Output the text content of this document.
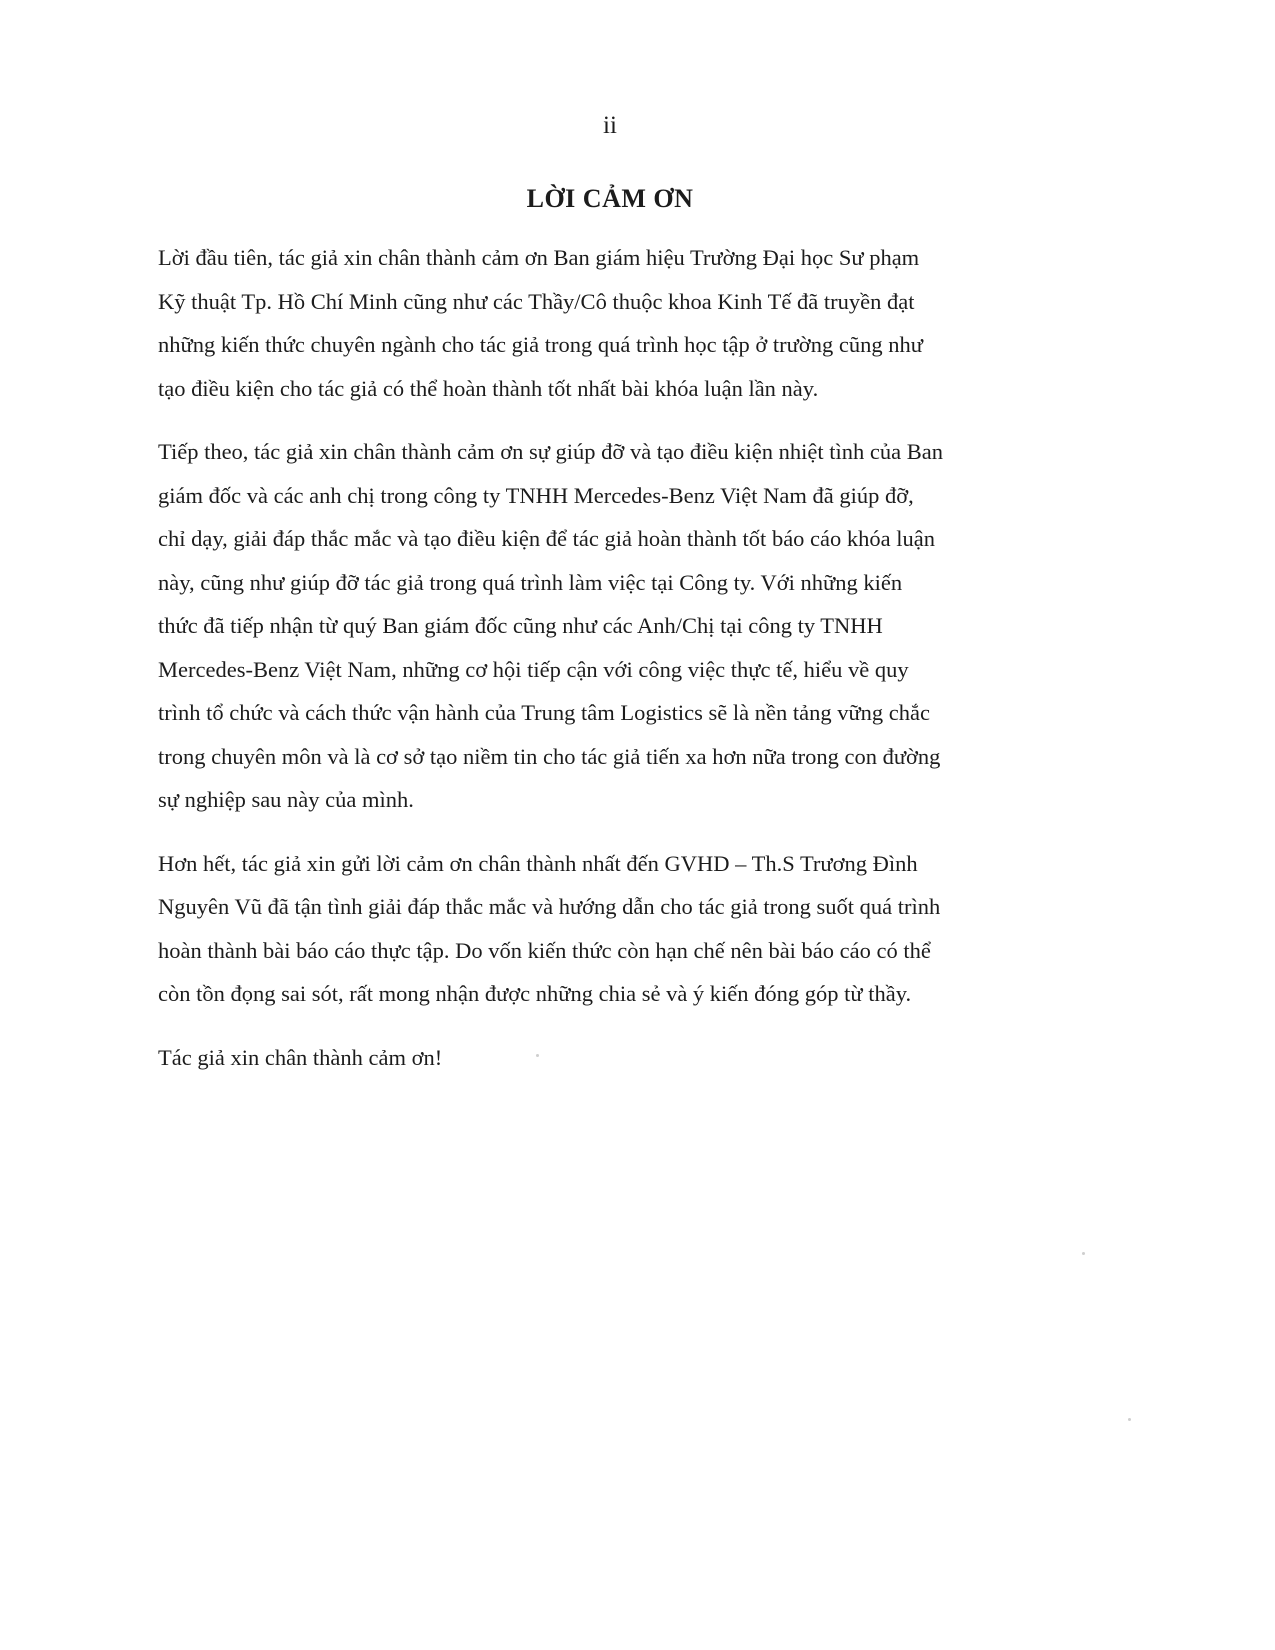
ii
LỜI CẢM ƠN

Lời đầu tiên, tác giả xin chân thành cảm ơn Ban giám hiệu Trường Đại học Sư phạm
Kỹ thuật Tp. Hồ Chí Minh cũng như các Thầy/Cô thuộc khoa Kinh Tế đã truyền đạt
những kiến thức chuyên ngành cho tác giả trong quá trình học tập ở trường cũng như
tạo điều kiện cho tác giả có thể hoàn thành tốt nhất bài khóa luận lần này.

Tiếp theo, tác giả xin chân thành cảm ơn sự giúp đỡ và tạo điều kiện nhiệt tình của Ban
giám đốc và các anh chị trong công ty TNHH Mercedes-Benz Việt Nam đã giúp đỡ,
chỉ dạy, giải đáp thắc mắc và tạo điều kiện để tác giả hoàn thành tốt báo cáo khóa luận
này, cũng như giúp đỡ tác giả trong quá trình làm việc tại Công ty. Với những kiến
thức đã tiếp nhận từ quý Ban giám đốc cũng như các Anh/Chị tại công ty TNHH
Mercedes-Benz Việt Nam, những cơ hội tiếp cận với công việc thực tế, hiểu về quy
trình tổ chức và cách thức vận hành của Trung tâm Logistics sẽ là nền tảng vững chắc
trong chuyên môn và là cơ sở tạo niềm tin cho tác giả tiến xa hơn nữa trong con đường
sự nghiệp sau này của mình.

Hơn hết, tác giả xin gửi lời cảm ơn chân thành nhất đến GVHD – Th.S Trương Đình
Nguyên Vũ đã tận tình giải đáp thắc mắc và hướng dẫn cho tác giả trong suốt quá trình
hoàn thành bài báo cáo thực tập. Do vốn kiến thức còn hạn chế nên bài báo cáo có thể
còn tồn đọng sai sót, rất mong nhận được những chia sẻ và ý kiến đóng góp từ thầy.

Tác giả xin chân thành cảm ơn!
